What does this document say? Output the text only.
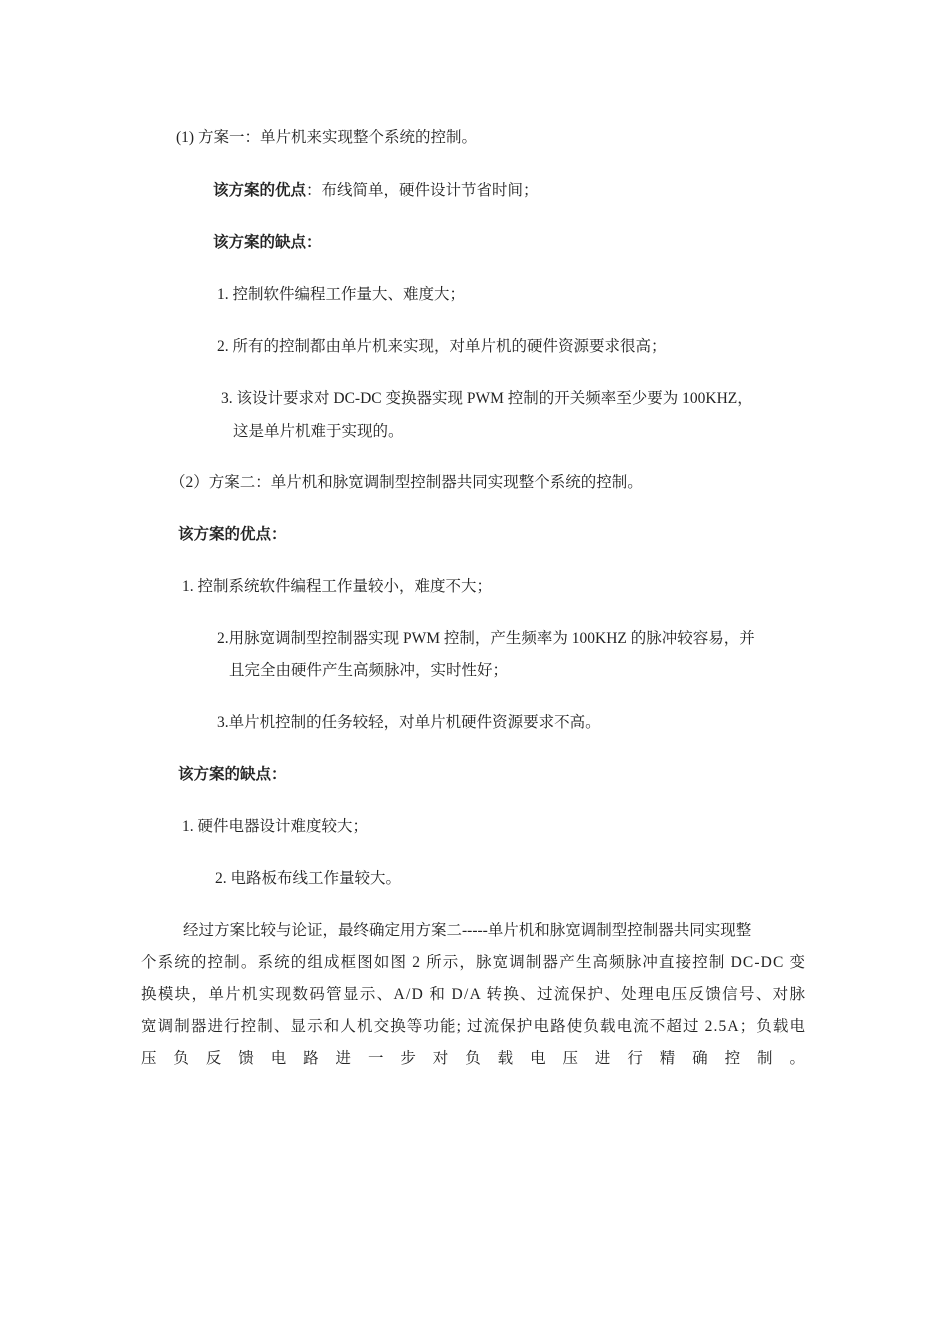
(1) 方案一：单片机来实现整个系统的控制。
该方案的优点：布线简单，硬件设计节省时间；
该方案的缺点：
1. 控制软件编程工作量大、难度大；
2. 所有的控制都由单片机来实现，对单片机的硬件资源要求很高；
3. 该设计要求对 DC-DC 变换器实现 PWM 控制的开关频率至少要为 100KHZ，
这是单片机难于实现的。
（2）方案二：单片机和脉宽调制型控制器共同实现整个系统的控制。
该方案的优点：
1. 控制系统软件编程工作量较小，难度不大；
2.用脉宽调制型控制器实现 PWM 控制，产生频率为 100KHZ 的脉冲较容易，并
且完全由硬件产生高频脉冲，实时性好；
3.单片机控制的任务较轻，对单片机硬件资源要求不高。
该方案的缺点：
1. 硬件电器设计难度较大；
2. 电路板布线工作量较大。
经过方案比较与论证，最终确定用方案二-----单片机和脉宽调制型控制器共同实现整
个系统的控制。系统的组成框图如图 2 所示，脉宽调制器产生高频脉冲直接控制 DC-DC 变
换模块，单片机实现数码管显示、A/D 和 D/A 转换、过流保护、处理电压反馈信号、对脉
宽调制器进行控制、显示和人机交换等功能; 过流保护电路使负载电流不超过 2.5A；负载电
压 负 反 馈 电 路 进 一 步 对 负 载 电 压 进 行 精 确 控 制 。
